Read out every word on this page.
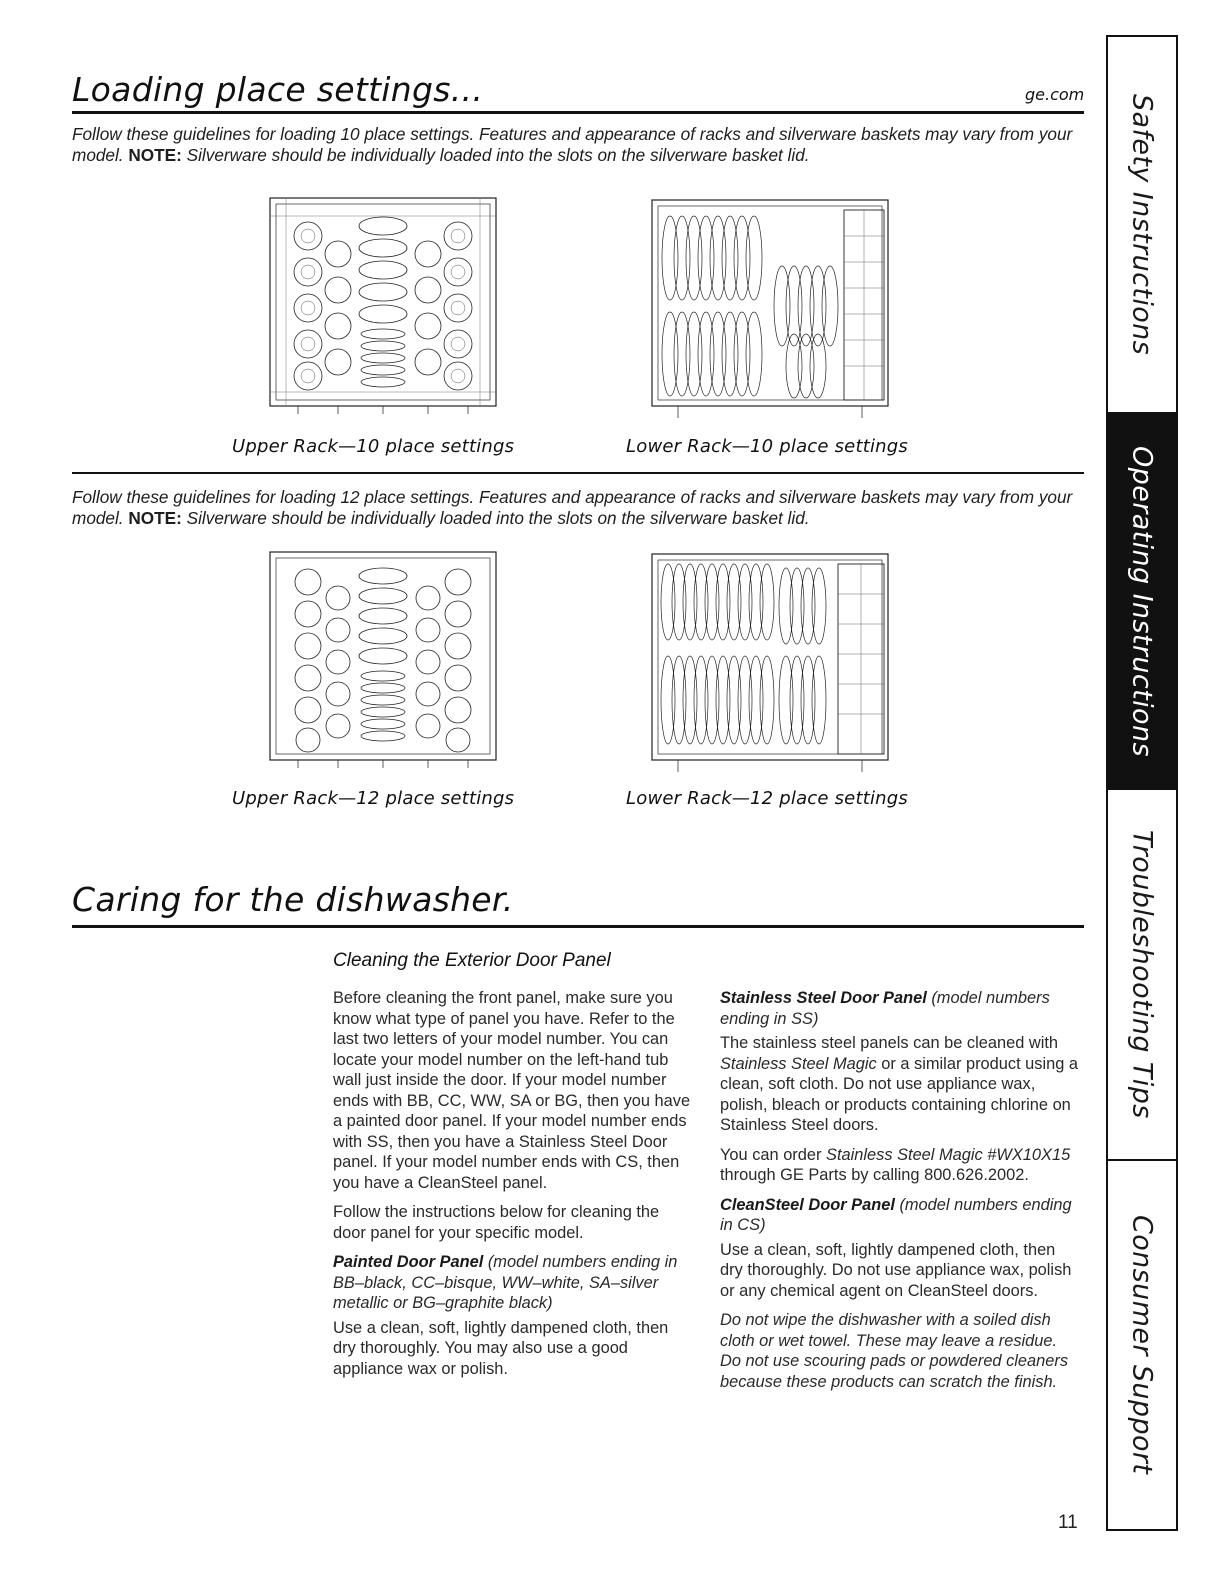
Loading place settings...	ge.com
Follow these guidelines for loading 10 place settings. Features and appearance of racks and silverware baskets may vary from your model. NOTE: Silverware should be individually loaded into the slots on the silverware basket lid.
Upper Rack—10 place settings	Lower Rack—10 place settings
Follow these guidelines for loading 12 place settings. Features and appearance of racks and silverware baskets may vary from your model. NOTE: Silverware should be individually loaded into the slots on the silverware basket lid.
Upper Rack—12 place settings	Lower Rack—12 place settings
Caring for the dishwasher.
Cleaning the Exterior Door Panel

Before cleaning the front panel, make sure you know what type of panel you have. Refer to the last two letters of your model number. You can locate your model number on the left-hand tub wall just inside the door. If your model number ends with BB, CC, WW, SA or BG, then you have a painted door panel. If your model number ends with SS, then you have a Stainless Steel Door panel. If your model number ends with CS, then you have a CleanSteel panel.

Follow the instructions below for cleaning the door panel for your specific model.

Painted Door Panel (model numbers ending in BB–black, CC–bisque, WW–white, SA–silver metallic or BG–graphite black)

Use a clean, soft, lightly dampened cloth, then dry thoroughly. You may also use a good appliance wax or polish.

Stainless Steel Door Panel (model numbers ending in SS)

The stainless steel panels can be cleaned with Stainless Steel Magic or a similar product using a clean, soft cloth. Do not use appliance wax, polish, bleach or products containing chlorine on Stainless Steel doors.

You can order Stainless Steel Magic #WX10X15 through GE Parts by calling 800.626.2002.

CleanSteel Door Panel (model numbers ending in CS)

Use a clean, soft, lightly dampened cloth, then dry thoroughly. Do not use appliance wax, polish or any chemical agent on CleanSteel doors.

Do not wipe the dishwasher with a soiled dish cloth or wet towel. These may leave a residue. Do not use scouring pads or powdered cleaners because these products can scratch the finish.

Safety Instructions
Operating Instructions
Troubleshooting Tips
Consumer Support
11
